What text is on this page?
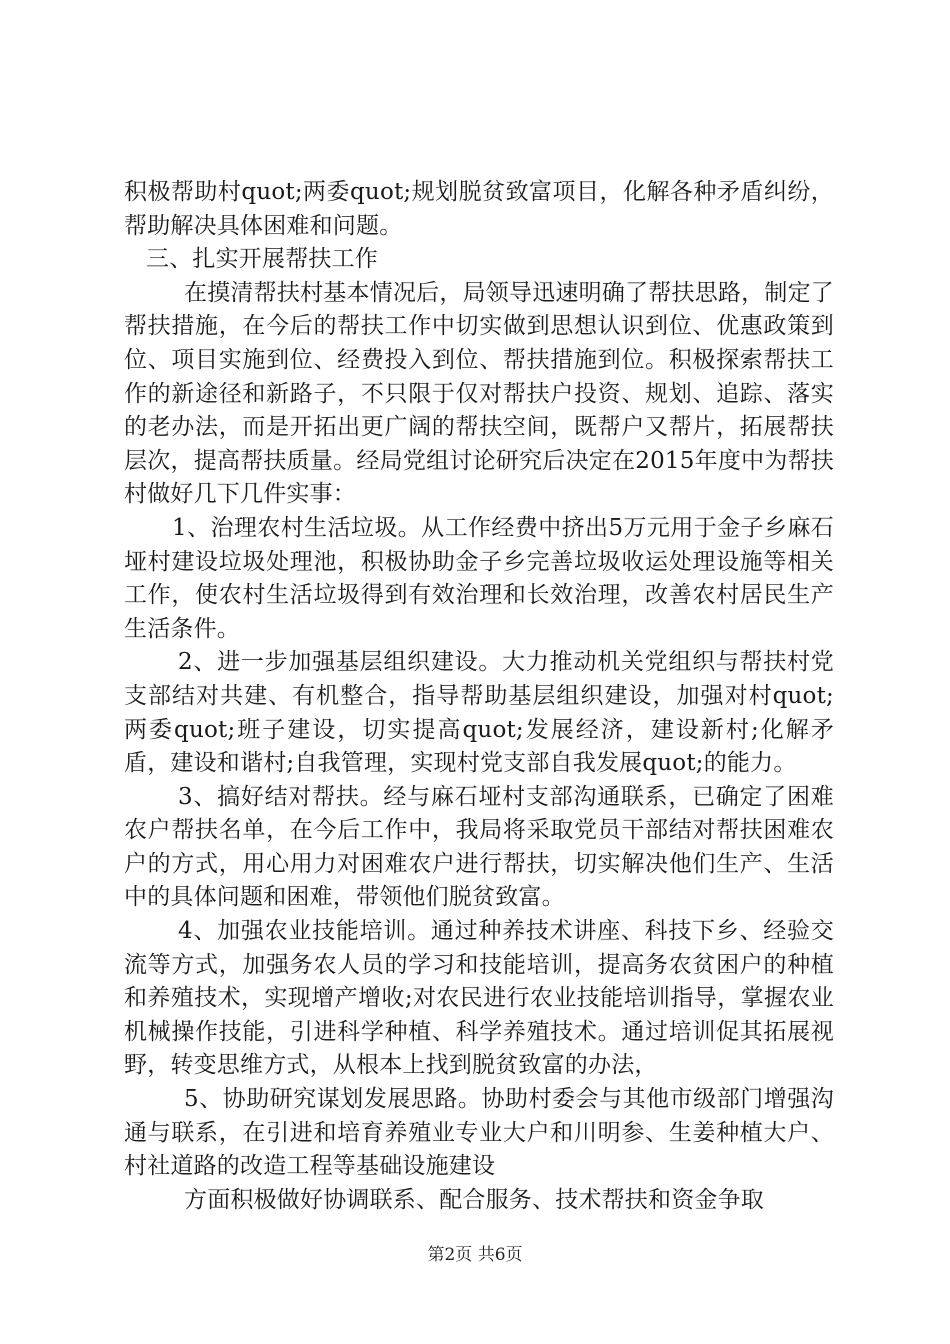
积极帮助村quot;两委quot;规划脱贫致富项目，化解各种矛盾纠纷，帮助解决具体困难和问题。

三、扎实开展帮扶工作

在摸清帮扶村基本情况后，局领导迅速明确了帮扶思路，制定了帮扶措施，在今后的帮扶工作中切实做到思想认识到位、优惠政策到位、项目实施到位、经费投入到位、帮扶措施到位。积极探索帮扶工作的新途径和新路子，不只限于仅对帮扶户投资、规划、追踪、落实的老办法，而是开拓出更广阔的帮扶空间，既帮户又帮片，拓展帮扶层次，提高帮扶质量。经局党组讨论研究后决定在2015年度中为帮扶村做好几下几件实事：

1、治理农村生活垃圾。从工作经费中挤出5万元用于金子乡麻石垭村建设垃圾处理池，积极协助金子乡完善垃圾收运处理设施等相关工作，使农村生活垃圾得到有效治理和长效治理，改善农村居民生产生活条件。

2、进一步加强基层组织建设。大力推动机关党组织与帮扶村党支部结对共建、有机整合，指导帮助基层组织建设，加强对村quot;两委quot;班子建设，切实提高quot;发展经济，建设新村;化解矛盾，建设和谐村;自我管理，实现村党支部自我发展quot;的能力。

3、搞好结对帮扶。经与麻石垭村支部沟通联系，已确定了困难农户帮扶名单，在今后工作中，我局将采取党员干部结对帮扶困难农户的方式，用心用力对困难农户进行帮扶，切实解决他们生产、生活中的具体问题和困难，带领他们脱贫致富。

4、加强农业技能培训。通过种养技术讲座、科技下乡、经验交流等方式，加强务农人员的学习和技能培训，提高务农贫困户的种植和养殖技术，实现增产增收;对农民进行农业技能培训指导，掌握农业机械操作技能，引进科学种植、科学养殖技术。通过培训促其拓展视野，转变思维方式，从根本上找到脱贫致富的办法，

5、协助研究谋划发展思路。协助村委会与其他市级部门增强沟通与联系，在引进和培育养殖业专业大户和川明参、生姜种植大户、村社道路的改造工程等基础设施建设

方面积极做好协调联系、配合服务、技术帮扶和资金争取

第2页 共6页
